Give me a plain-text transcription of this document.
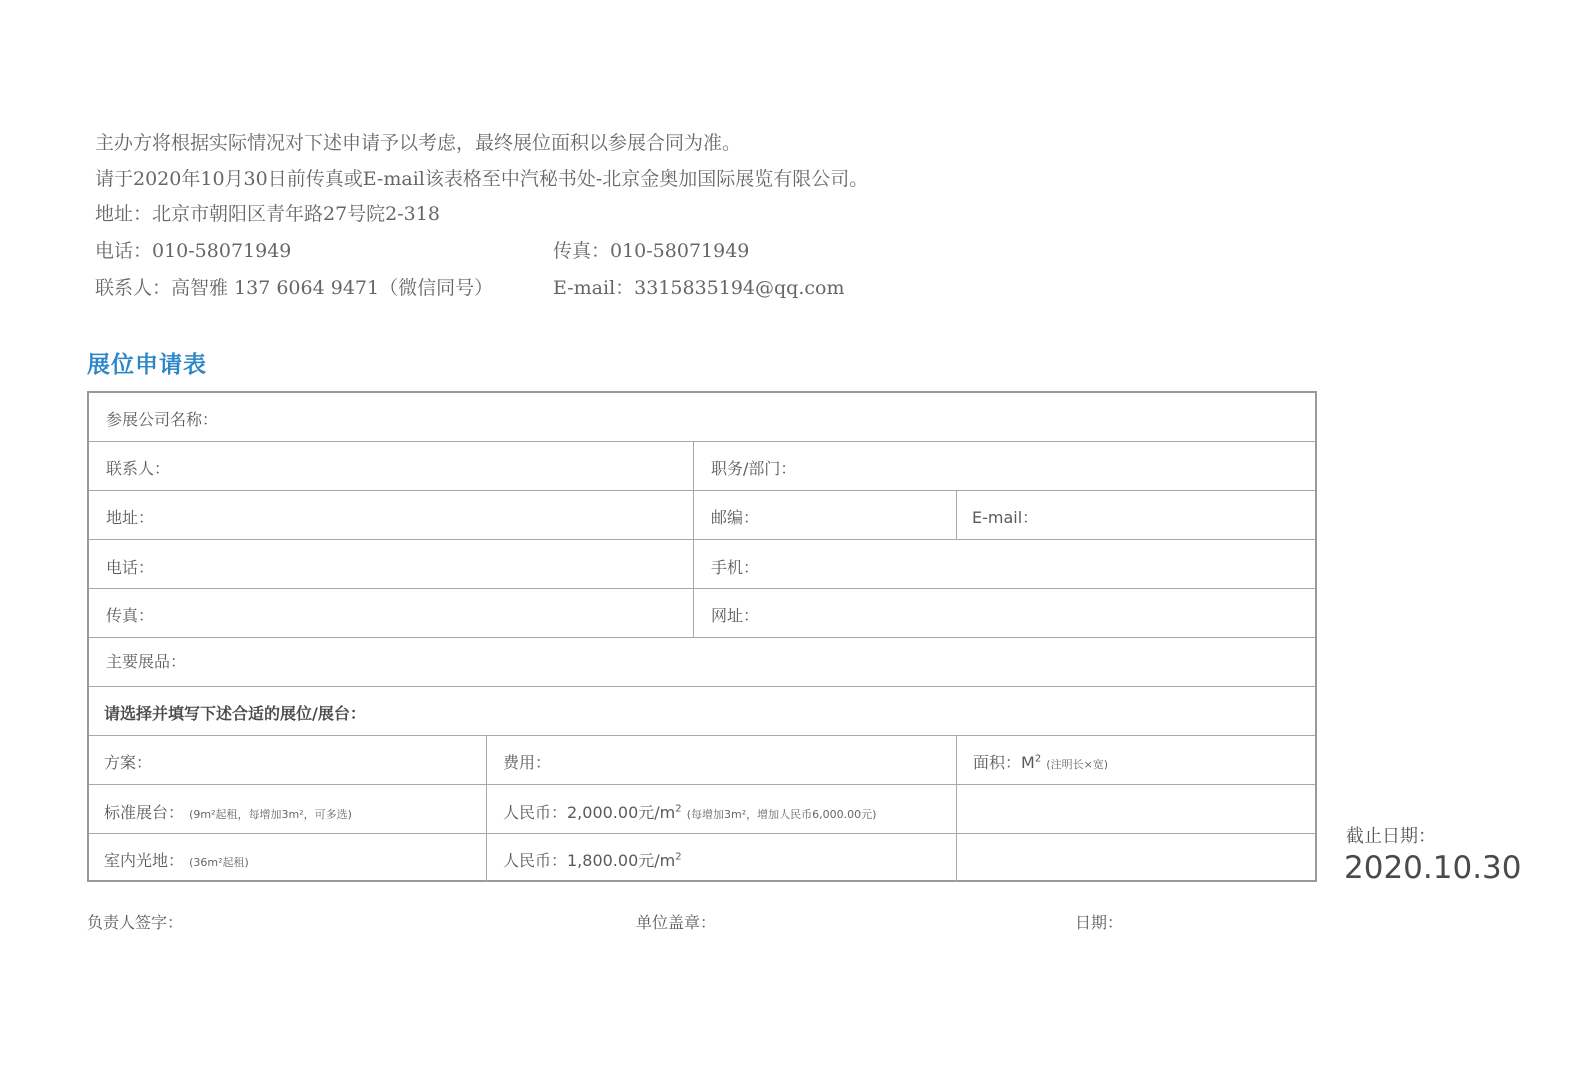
主办方将根据实际情况对下述申请予以考虑，最终展位面积以参展合同为准。
请于2020年10月30日前传真或E-mail该表格至中汽秘书处-北京金奥加国际展览有限公司。
地址：北京市朝阳区青年路27号院2-318
电话：010-58071949	传真：010-58071949
联系人：高智雅 137 6064 9471（微信同号）	E-mail：3315835194@qq.com
展位申请表
参展公司名称：
联系人：	职务/部门：
地址：	邮编：	E-mail：
电话：	手机：
传真：	网址：
主要展品：
请选择并填写下述合适的展位/展台：
方案：	费用：	面积：$M^2$ (注明长×宽)
标准展台： (9m²起租，每增加3m²，可多选)	人民币：2,000.00元$/m^2$ (每增加3m²，增加人民币6,000.00元)
室内光地： (36m²起租)	人民币：1,800.00元$/m^2$
截止日期：
2020.10.30
负责人签字：	单位盖章：	日期：
